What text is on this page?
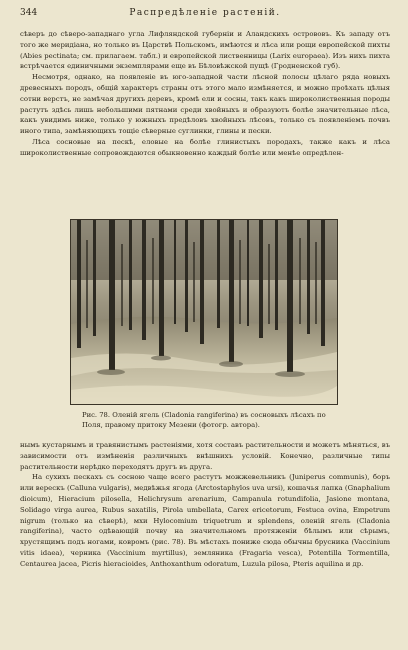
344	Распредѣленіе растеній.

сѣверъ до сѣверо-западнаго угла Лифляндской губерніи и Аландскихъ острововъ. Къ западу отъ того же меридіана, но только въ Царствѣ Польскомъ, имѣются и лѣса или рощи европейской пихты (Abies pectinata; см. прилагаем. табл.) и европейской лиственницы (Larix europaea). Изъ нихъ пихта встрѣчается единичными экземплярами еще въ Бѣловѣжской пущѣ (Гродненской губ).

Несмотря, однако, на появленіе въ юго-западной части лѣсной полосы цѣлаго ряда новыхъ древесныхъ породъ, общій характеръ страны отъ этого мало измѣняется, и можно проѣхать цѣлыя сотни верстъ, не замѣчая другихъ деревъ, кромѣ ели и сосны, такъ какъ широколиственныя породы растутъ здѣсь лишь небольшими пятнами среди хвойныхъ и образуютъ болѣе значительные лѣса, какъ увидимъ ниже, только у южныхъ предѣловъ хвойныхъ лѣсовъ, только съ появленіемъ почвъ иного типа, замѣняющихъ тощіе сѣверные суглинки, глины и пески.

Лѣса сосновые на пескѣ, еловые на болѣе глинистыхъ породахъ, также какъ и лѣса широколиственные сопровождаются обыкновенно каждый болѣе или менѣе опредѣлен-

Рис. 78. Оленій ягель (Cladonia rangiferina) въ сосновыхъ лѣсахъ по Поля, правому притоку Мезени (фотогр. автора).

нымъ кустарнымъ и травянистымъ растеніями, хотя составъ растительности и можетъ мѣняться, въ зависимости отъ измѣненія различныхъ внѣшнихъ условій. Конечно, различные типы растительности нерѣдко переходятъ другъ въ друга.

На сухихъ пескахъ съ сосною чаще всего растутъ можжевельникъ (Juniperus communis), боръ или верескъ (Calluna vulgaris), медвѣжья ягода (Arctostaphylos uva ursi), кошачья лапка (Gnaphalium dioicum), Hieracium pilosella, Helichrysum arenarium, Campanula rotundifolia, Jasione montana, Solidago virga aurea, Rubus saxatilis, Pirola umbellata, Carex ericetorum, Festuca ovina, Empetrum nigrum (только на сѣверѣ), мхи Hylocomium triquetrum и splendens, оленій ягель (Cladonia rangiferina), часто одѣвающій почву на значительномъ протяженіи бѣлымъ или сѣрымъ, хрустящимъ подъ ногами, ковромъ (рис. 78). Въ мѣстахъ пониже сюда обычны брусника (Vaccinium vitis idaea), черника (Vaccinium myrtillus), земляника (Fragaria vesca), Potentilla Tormentilla, Centaurea jacea, Picris hieracioides, Anthoxanthum odoratum, Luzula pilosa, Pteris aquilina и др.
